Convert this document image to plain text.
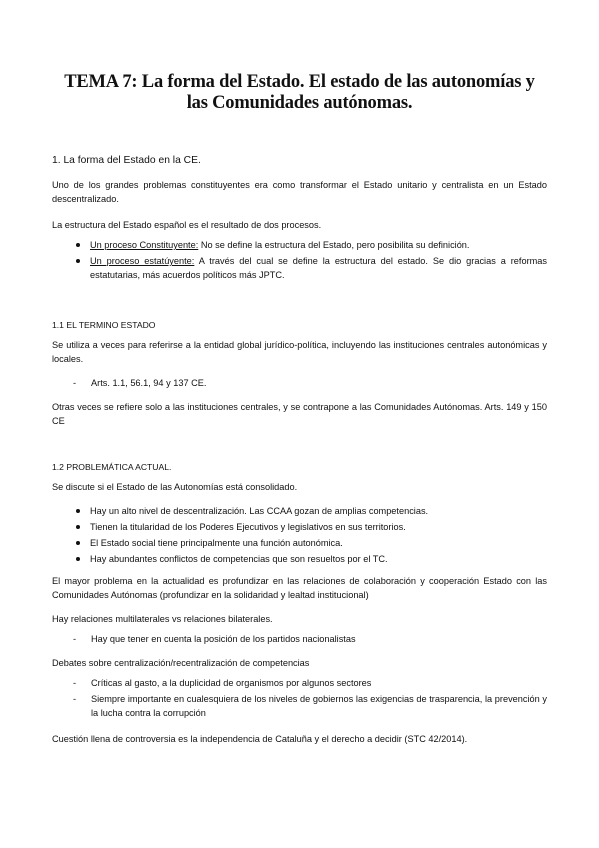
TEMA 7: La forma del Estado. El estado de las autonomías y
las Comunidades autónomas.
1. La forma del Estado en la CE.
Uno de los grandes problemas constituyentes era como transformar el Estado unitario y centralista en un Estado descentralizado.
La estructura del Estado español es el resultado de dos procesos.
Un proceso Constituyente: No se define la estructura del Estado, pero posibilita su definición.
Un proceso estatúyente: A través del cual se define la estructura del estado. Se dio gracias a reformas estatutarias, más acuerdos políticos más JPTC.
1.1 EL TERMINO ESTADO
Se utiliza a veces para referirse a la entidad global jurídico-política, incluyendo las instituciones centrales autonómicas y locales.
- Arts. 1.1, 56.1, 94 y 137 CE.
Otras veces se refiere solo a las instituciones centrales, y se contrapone a las Comunidades Autónomas. Arts. 149 y 150 CE
1.2 PROBLEMÁTICA ACTUAL.
Se discute si el Estado de las Autonomías está consolidado.
Hay un alto nivel de descentralización. Las CCAA gozan de amplias competencias.
Tienen la titularidad de los Poderes Ejecutivos y legislativos en sus territorios.
El Estado social tiene principalmente una función autonómica.
Hay abundantes conflictos de competencias que son resueltos por el TC.
El mayor problema en la actualidad es profundizar en las relaciones de colaboración y cooperación Estado con las Comunidades Autónomas (profundizar en la solidaridad y lealtad institucional)
Hay relaciones multilaterales vs relaciones bilaterales.
- Hay que tener en cuenta la posición de los partidos nacionalistas
Debates sobre centralización/recentralización de competencias
- Críticas al gasto, a la duplicidad de organismos por algunos sectores
- Siempre importante en cualesquiera de los niveles de gobiernos las exigencias de trasparencia, la prevención y la lucha contra la corrupción
Cuestión llena de controversia es la independencia de Cataluña y el derecho a decidir (STC 42/2014).
